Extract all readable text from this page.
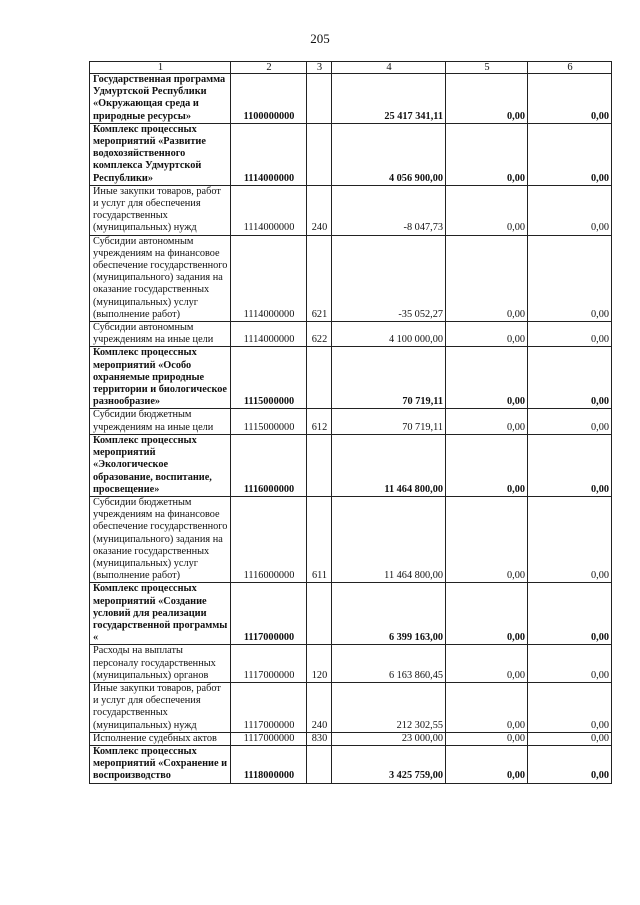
205
1	2	3	4	5	6
Государственная программа Удмуртской Республики «Окружающая среда и природные ресурсы»	1100000000		25 417 341,11	0,00	0,00
Комплекс процессных мероприятий «Развитие водохозяйственного комплекса Удмуртской Республики»	1114000000		4 056 900,00	0,00	0,00
Иные закупки товаров, работ и услуг для обеспечения государственных (муниципальных) нужд	1114000000	240	-8 047,73	0,00	0,00
Субсидии автономным учреждениям на финансовое обеспечение государственного (муниципального) задания на оказание государственных (муниципальных) услуг (выполнение работ)	1114000000	621	-35 052,27	0,00	0,00
Субсидии автономным учреждениям на иные цели	1114000000	622	4 100 000,00	0,00	0,00
Комплекс процессных мероприятий «Особо охраняемые природные территории и биологическое разнообразие»	1115000000		70 719,11	0,00	0,00
Субсидии бюджетным учреждениям на иные цели	1115000000	612	70 719,11	0,00	0,00
Комплекс процессных мероприятий «Экологическое образование, воспитание, просвещение»	1116000000		11 464 800,00	0,00	0,00
Субсидии бюджетным учреждениям на финансовое обеспечение государственного (муниципального) задания на оказание государственных (муниципальных) услуг (выполнение работ)	1116000000	611	11 464 800,00	0,00	0,00
Комплекс процессных мероприятий «Создание условий для реализации государственной программы «	1117000000		6 399 163,00	0,00	0,00
Расходы на выплаты персоналу государственных (муниципальных) органов	1117000000	120	6 163 860,45	0,00	0,00
Иные закупки товаров, работ и услуг для обеспечения государственных (муниципальных) нужд	1117000000	240	212 302,55	0,00	0,00
Исполнение судебных актов	1117000000	830	23 000,00	0,00	0,00
Комплекс процессных мероприятий «Сохранение и воспроизводство	1118000000		3 425 759,00	0,00	0,00
